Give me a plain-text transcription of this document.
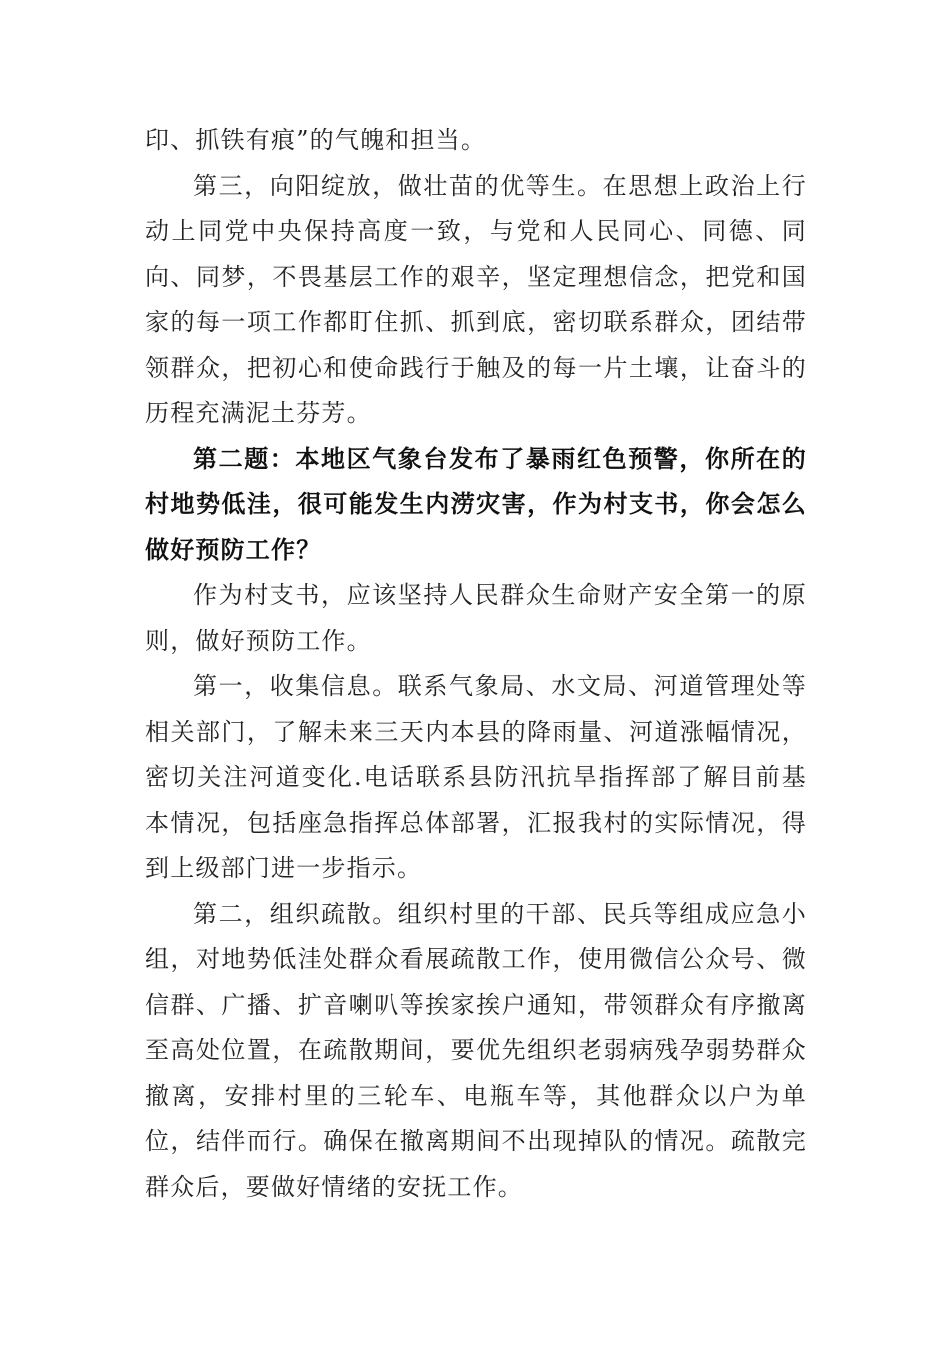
印、抓铁有痕”的气魄和担当。

第三，向阳绽放，做壮苗的优等生。在思想上政治上行动上同党中央保持高度一致，与党和人民同心、同德、同向、同梦，不畏基层工作的艰辛，坚定理想信念，把党和国家的每一项工作都盯住抓、抓到底，密切联系群众，团结带领群众，把初心和使命践行于触及的每一片土壤，让奋斗的历程充满泥土芬芳。

第二题：本地区气象台发布了暴雨红色预警，你所在的村地势低洼，很可能发生内涝灾害，作为村支书，你会怎么做好预防工作？

作为村支书，应该坚持人民群众生命财产安全第一的原则，做好预防工作。

第一，收集信息。联系气象局、水文局、河道管理处等相关部门，了解未来三天内本县的降雨量、河道涨幅情况，密切关注河道变化.电话联系县防汛抗旱指挥部了解目前基本情况，包括座急指挥总体部署，汇报我村的实际情况，得到上级部门进一步指示。

第二，组织疏散。组织村里的干部、民兵等组成应急小组，对地势低洼处群众看展疏散工作，使用微信公众号、微信群、广播、扩音喇叭等挨家挨户通知，带领群众有序撤离至高处位置，在疏散期间，要优先组织老弱病残孕弱势群众撤离，安排村里的三轮车、电瓶车等，其他群众以户为单位，结伴而行。确保在撤离期间不出现掉队的情况。疏散完群众后，要做好情绪的安抚工作。
